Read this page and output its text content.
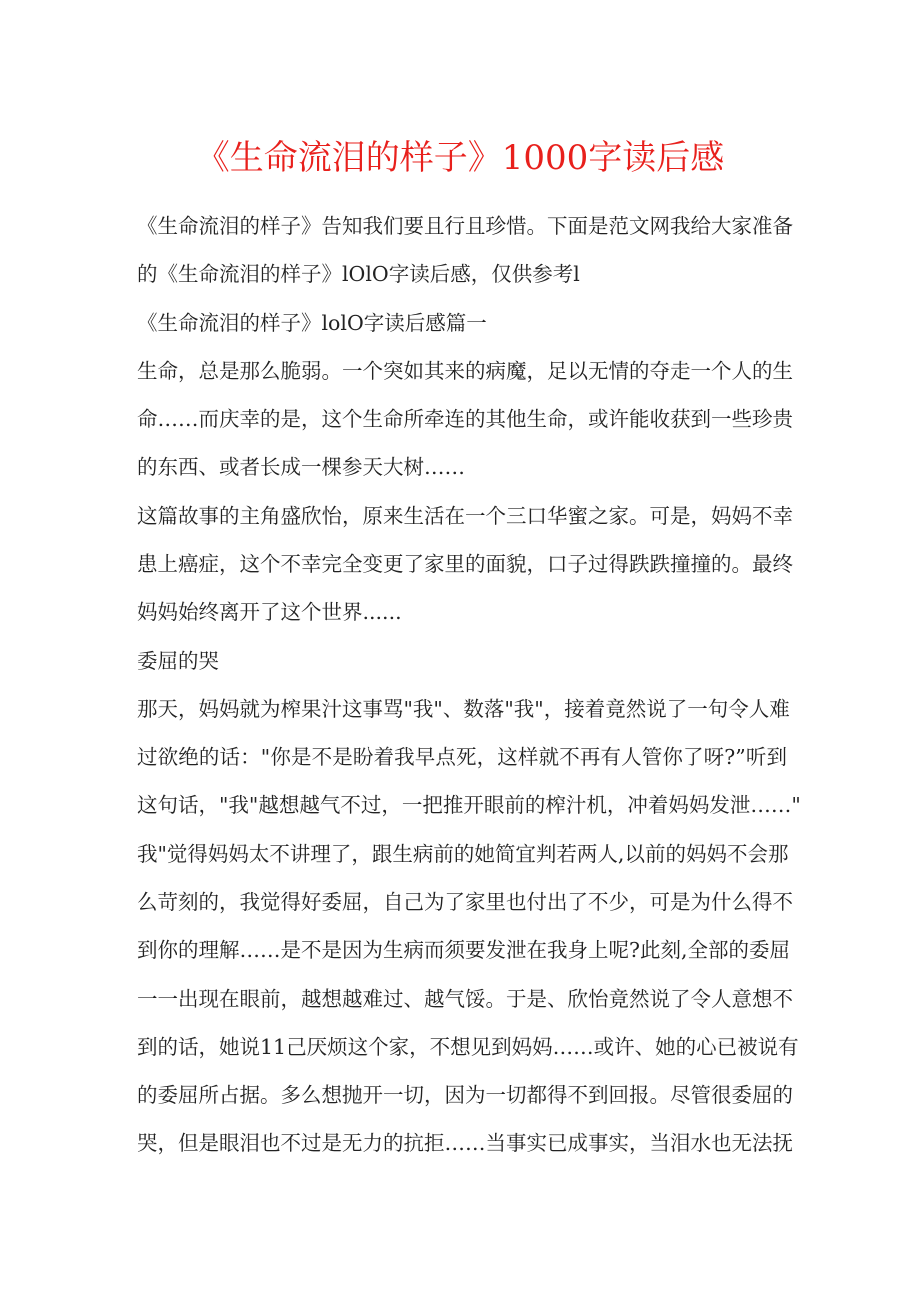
《生命流泪的样子》1000字读后感
《生命流泪的样子》告知我们要且行且珍惜。下面是范文网我给大家准备
的《生命流泪的样子》lOlO字读后感，仅供参考l
《生命流泪的样子》lolO字读后感篇一
生命，总是那么脆弱。一个突如其来的病魔，足以无情的夺走一个人的生
命……而庆幸的是，这个生命所牵连的其他生命，或许能收获到一些珍贵
的东西、或者长成一棵参天大树……
这篇故事的主角盛欣怡，原来生活在一个三口华蜜之家。可是，妈妈不幸
患上癌症，这个不幸完全变更了家里的面貌，口子过得跌跌撞撞的。最终
妈妈始终离开了这个世界......
委屈的哭
那天，妈妈就为榨果汁这事骂"我"、数落"我"，接着竟然说了一句令人难
过欲绝的话："你是不是盼着我早点死，这样就不再有人管你了呀?”听到
这句话，"我"越想越气不过，一把推开眼前的榨汁机，冲着妈妈发泄……"
我"觉得妈妈太不讲理了，跟生病前的她简宜判若两人,以前的妈妈不会那
么苛刻的，我觉得好委屈，自己为了家里也付出了不少，可是为什么得不
到你的理解……是不是因为生病而须要发泄在我身上呢?此刻,全部的委屈
一一出现在眼前，越想越难过、越气馁。于是、欣怡竟然说了令人意想不
到的话，她说11己厌烦这个家，不想见到妈妈……或许、她的心已被说有
的委屈所占据。多么想抛开一切，因为一切都得不到回报。尽管很委屈的
哭，但是眼泪也不过是无力的抗拒……当事实已成事实，当泪水也无法抚
